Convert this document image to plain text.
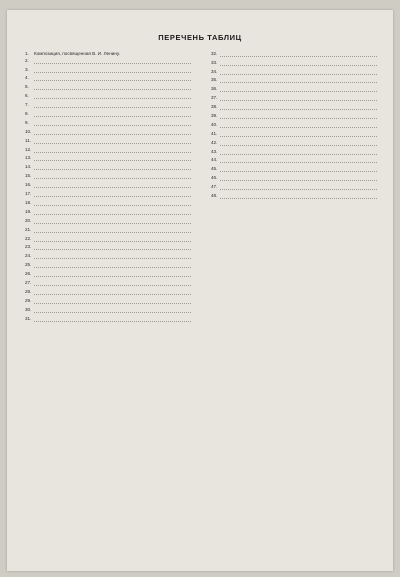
ПЕРЕЧЕНЬ ТАБЛИЦ
1.	Композиция, посвященная В. И. Ленину.
2.
3.
4.
5.
6.
7.
8.
9.
10.
11.
12.
13.
14.
15.
16.
17.
18.
19.
20.
21.
22.
23.
24.
25.
26.
27.
28.
29.
30.
31.
32.
33.
34.
35.
36.
37.
38.
39.
40.
41.
42.
43.
44.
45.
46.
47.
48.
